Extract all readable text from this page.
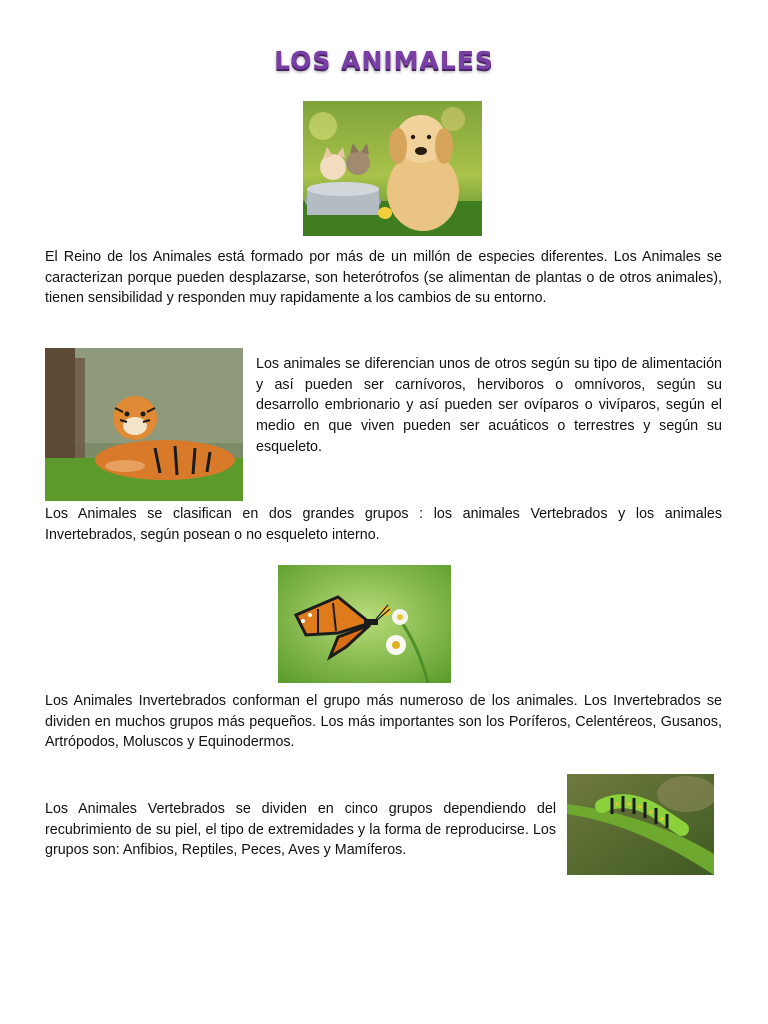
LOS ANIMALES

El Reino de los Animales está formado por más de un millón de especies diferentes. Los Animales se caracterizan porque pueden desplazarse, son heterótrofos (se alimentan de plantas o de otros animales), tienen sensibilidad y responden muy rapidamente a los cambios de su entorno.

Los animales se diferencian unos de otros según su tipo de alimentación y así pueden ser carnívoros, herviboros o omnívoros, según su desarrollo embrionario y así pueden ser ovíparos o vivíparos, según el medio en que viven pueden ser acuáticos o terrestres y según su esqueleto.

Los Animales se clasifican en dos grandes grupos : los animales Vertebrados y los animales Invertebrados, según posean o no esqueleto interno.

Los Animales Invertebrados conforman el grupo más numeroso de los animales. Los Invertebrados se dividen en muchos grupos más pequeños. Los más importantes son los Poríferos, Celentéreos, Gusanos, Artrópodos, Moluscos y Equinodermos.

Los Animales Vertebrados se dividen en cinco grupos dependiendo del recubrimiento de su piel, el tipo de extremidades y la forma de reproducirse. Los grupos son: Anfibios, Reptiles, Peces, Aves y Mamíferos.
